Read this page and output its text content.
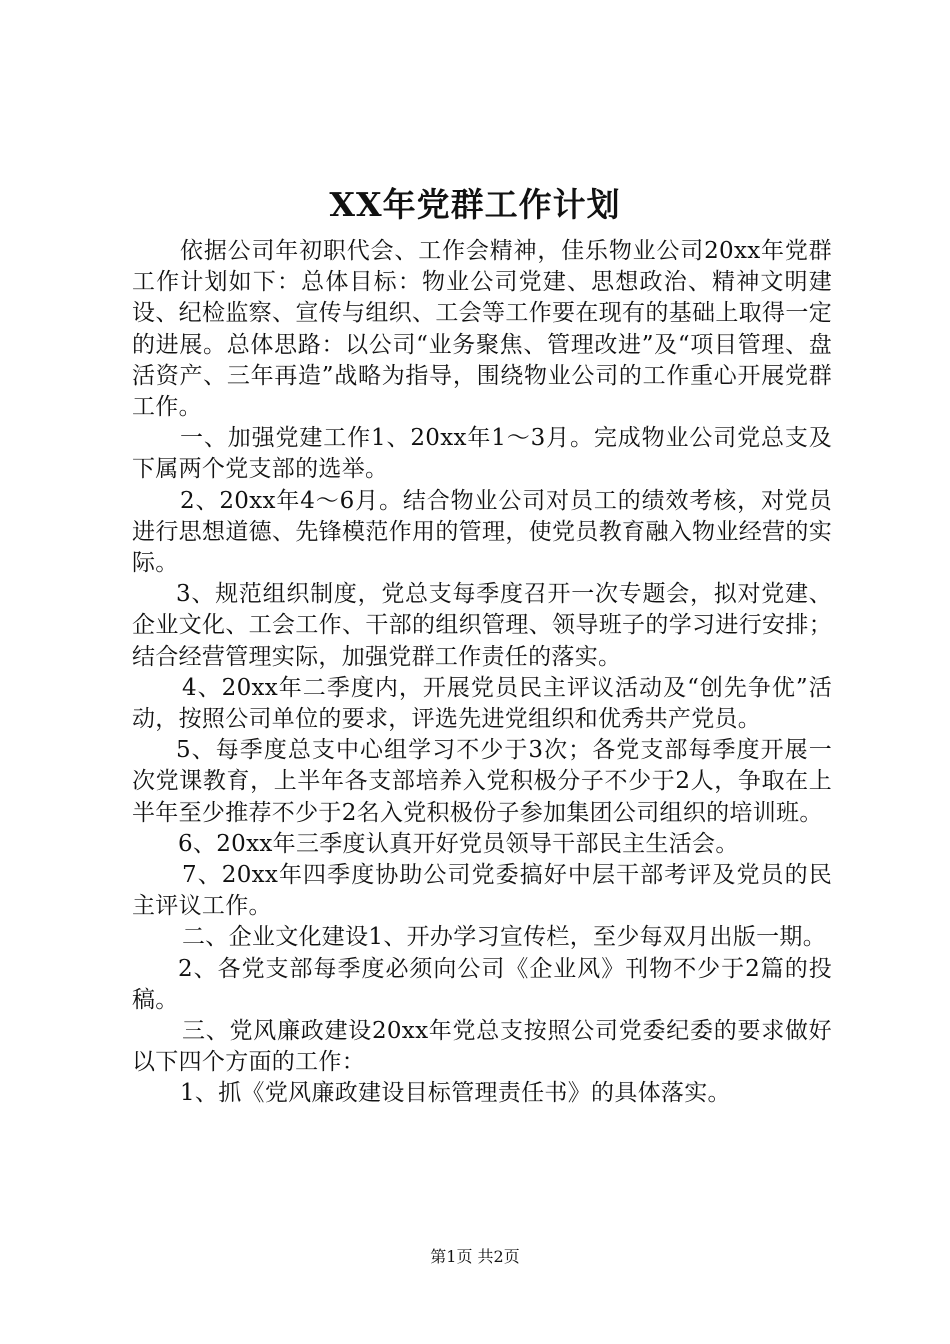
XX年党群工作计划

依据公司年初职代会、工作会精神，佳乐物业公司20xx年党群工作计划如下：总体目标：物业公司党建、思想政治、精神文明建设、纪检监察、宣传与组织、工会等工作要在现有的基础上取得一定的进展。总体思路：以公司“业务聚焦、管理改进”及“项目管理、盘活资产、三年再造”战略为指导，围绕物业公司的工作重心开展党群工作。

一、加强党建工作1、20xx年1～3月。完成物业公司党总支及下属两个党支部的选举。

2、20xx年4～6月。结合物业公司对员工的绩效考核，对党员进行思想道德、先锋模范作用的管理，使党员教育融入物业经营的实际。

3、规范组织制度，党总支每季度召开一次专题会，拟对党建、企业文化、工会工作、干部的组织管理、领导班子的学习进行安排；结合经营管理实际，加强党群工作责任的落实。

4、20xx年二季度内，开展党员民主评议活动及“创先争优”活动，按照公司单位的要求，评选先进党组织和优秀共产党员。

5、每季度总支中心组学习不少于3次；各党支部每季度开展一次党课教育，上半年各支部培养入党积极分子不少于2人，争取在上半年至少推荐不少于2名入党积极份子参加集团公司组织的培训班。

6、20xx年三季度认真开好党员领导干部民主生活会。

7、20xx年四季度协助公司党委搞好中层干部考评及党员的民主评议工作。

二、企业文化建设1、开办学习宣传栏，至少每双月出版一期。

2、各党支部每季度必须向公司《企业风》刊物不少于2篇的投稿。

三、党风廉政建设20xx年党总支按照公司党委纪委的要求做好以下四个方面的工作：

1、抓《党风廉政建设目标管理责任书》的具体落实。

第1页 共2页
